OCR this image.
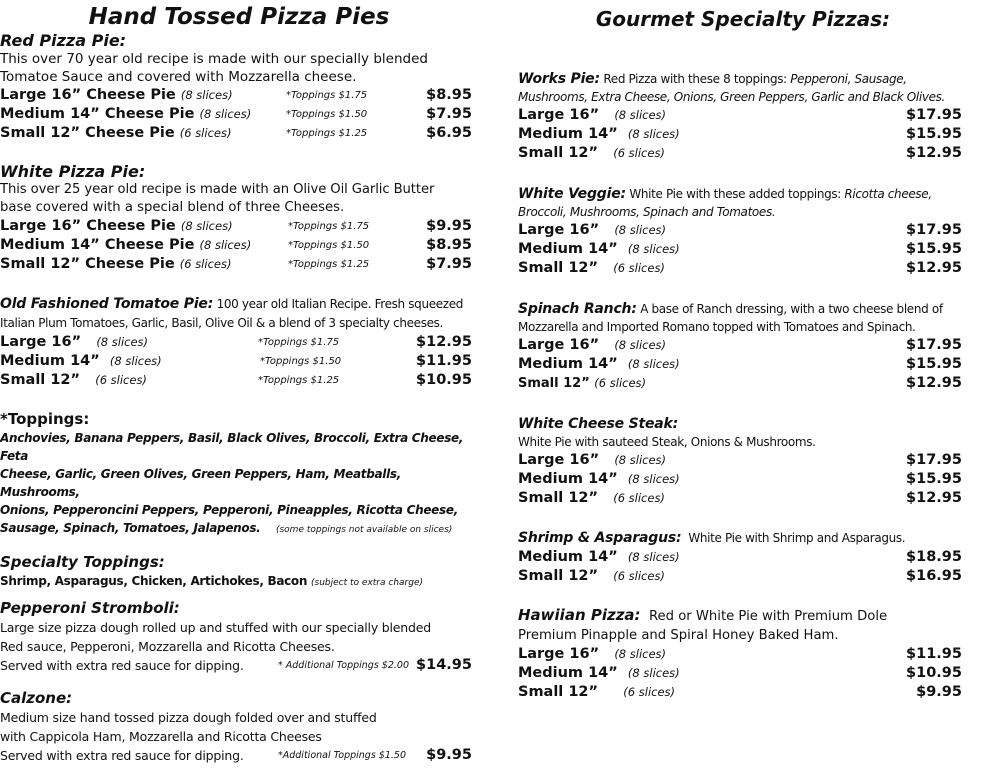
Hand Tossed Pizza Pies
Red Pizza Pie:
This over 70 year old recipe is made with our specially blended
Tomatoe Sauce and covered with Mozzarella cheese.
Large 16” Cheese Pie (8 slices)	*Toppings $1.75	$8.95
Medium 14” Cheese Pie (8 slices)	*Toppings $1.50	$7.95
Small 12” Cheese Pie (6 slices)	*Toppings $1.25	$6.95
White Pizza Pie:
This over 25 year old recipe is made with an Olive Oil Garlic Butter
base covered with a special blend of three Cheeses.
Large 16” Cheese Pie (8 slices)	*Toppings $1.75	$9.95
Medium 14” Cheese Pie (8 slices)	*Toppings $1.50	$8.95
Small 12” Cheese Pie (6 slices)	*Toppings $1.25	$7.95
Old Fashioned Tomatoe Pie: 100 year old Italian Recipe. Fresh squeezed
Italian Plum Tomatoes, Garlic, Basil, Olive Oil & a blend of 3 specialty cheeses.
Large 16” (8 slices)	*Toppings $1.75	$12.95
Medium 14” (8 slices)	*Toppings $1.50	$11.95
Small 12” (6 slices)	*Toppings $1.25	$10.95
*Toppings:
Anchovies, Banana Peppers, Basil, Black Olives, Broccoli, Extra Cheese, Feta
Cheese, Garlic, Green Olives, Green Peppers, Ham, Meatballs, Mushrooms,
Onions, Pepperoncini Peppers, Pepperoni, Pineapples, Ricotta Cheese,
Sausage, Spinach, Tomatoes, Jalapenos. (some toppings not available on slices)
Specialty Toppings:
Shrimp, Asparagus, Chicken, Artichokes, Bacon (subject to extra charge)
Pepperoni Stromboli:
Large size pizza dough rolled up and stuffed with our specially blended
Red sauce, Pepperoni, Mozzarella and Ricotta Cheeses.
Served with extra red sauce for dipping.	* Additional Toppings $2.00 $14.95
Calzone:
Medium size hand tossed pizza dough folded over and stuffed
with Cappicola Ham, Mozzarella and Ricotta Cheeses
Served with extra red sauce for dipping.	*Additional Toppings $1.50 $9.95
Gourmet Specialty Pizzas:
Works Pie: Red Pizza with these 8 toppings: Pepperoni, Sausage,
Mushrooms, Extra Cheese, Onions, Green Peppers, Garlic and Black Olives.
Large 16” (8 slices)	$17.95
Medium 14” (8 slices)	$15.95
Small 12” (6 slices)	$12.95
White Veggie: White Pie with these added toppings: Ricotta cheese,
Broccoli, Mushrooms, Spinach and Tomatoes.
Large 16” (8 slices)	$17.95
Medium 14” (8 slices)	$15.95
Small 12” (6 slices)	$12.95
Spinach Ranch: A base of Ranch dressing, with a two cheese blend of
Mozzarella and Imported Romano topped with Tomatoes and Spinach.
Large 16” (8 slices)	$17.95
Medium 14” (8 slices)	$15.95
Small 12” (6 slices)	$12.95
White Cheese Steak:
White Pie with sauteed Steak, Onions & Mushrooms.
Large 16” (8 slices)	$17.95
Medium 14” (8 slices)	$15.95
Small 12” (6 slices)	$12.95
Shrimp & Asparagus: White Pie with Shrimp and Asparagus.
Medium 14” (8 slices)	$18.95
Small 12” (6 slices)	$16.95
Hawiian Pizza: Red or White Pie with Premium Dole
Premium Pinapple and Spiral Honey Baked Ham.
Large 16” (8 slices)	$11.95
Medium 14” (8 slices)	$10.95
Small 12” (6 slices)	$9.95
